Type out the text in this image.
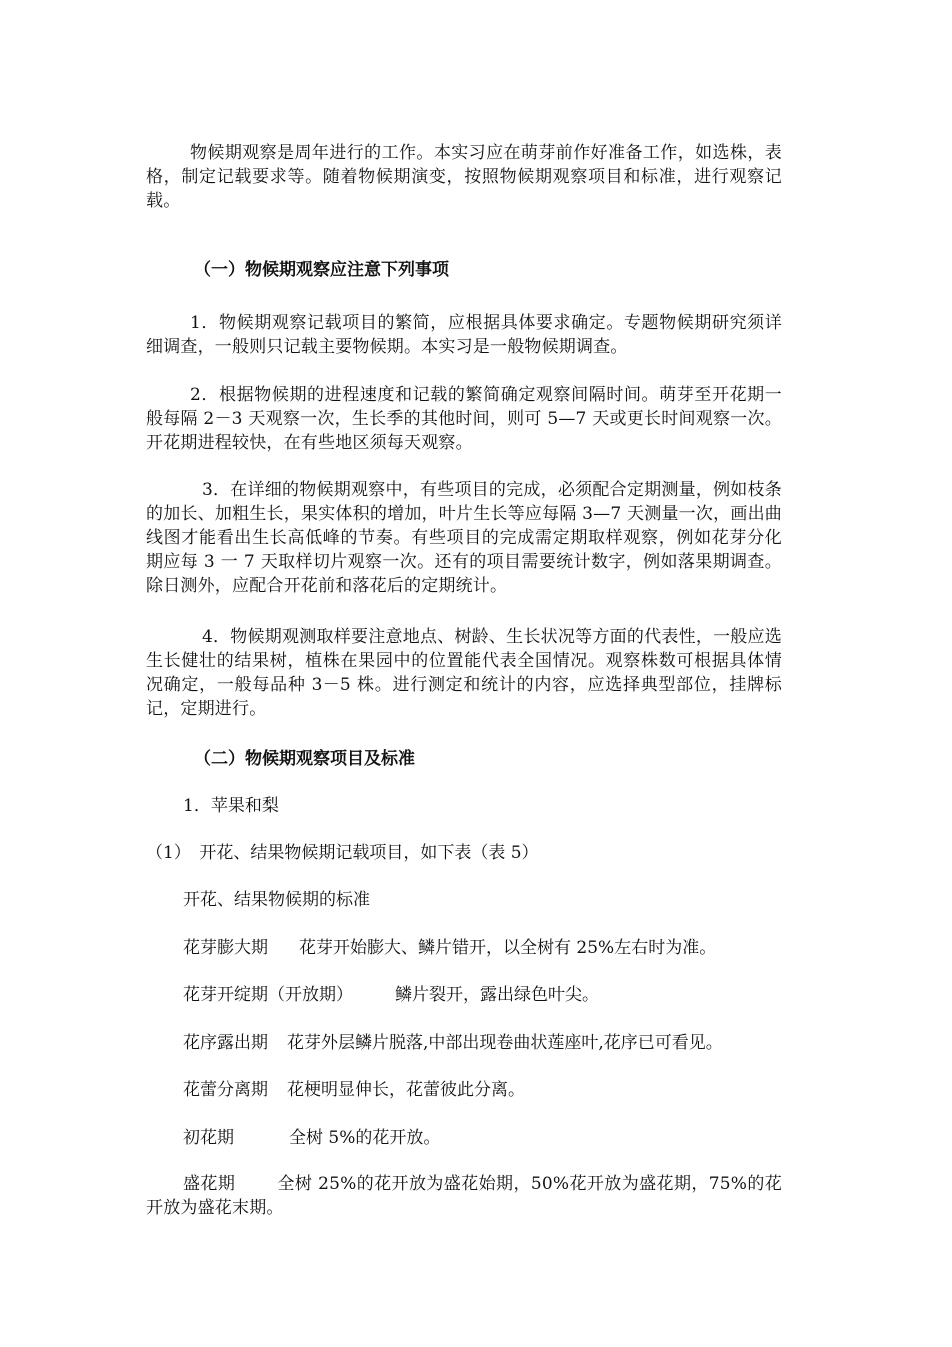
物候期观察是周年进行的工作。本实习应在萌芽前作好准备工作，如选株，表格，制定记载要求等。随着物候期演变，按照物候期观察项目和标准，进行观察记载。

（一）物候期观察应注意下列事项

1．物候期观察记载项目的繁简，应根据具体要求确定。专题物候期研究须详细调查，一般则只记载主要物候期。本实习是一般物候期调查。

2．根据物候期的进程速度和记载的繁简确定观察间隔时间。萌芽至开花期一般每隔 2－3 天观察一次，生长季的其他时间，则可 5—7 天或更长时间观察一次。开花期进程较快，在有些地区须每天观察。

3．在详细的物候期观察中，有些项目的完成，必须配合定期测量，例如枝条的加长、加粗生长，果实体积的增加，叶片生长等应每隔 3—7 天测量一次，画出曲线图才能看出生长高低峰的节奏。有些项目的完成需定期取样观察，例如花芽分化期应每 3 一 7 天取样切片观察一次。还有的项目需要统计数字，例如落果期调查。除日测外，应配合开花前和落花后的定期统计。

4．物候期观测取样要注意地点、树龄、生长状况等方面的代表性，一般应选生长健壮的结果树，植株在果园中的位置能代表全国情况。观察株数可根据具体情况确定，一般每品种 3－5 株。进行测定和统计的内容，应选择典型部位，挂牌标记，定期进行。

（二）物候期观察项目及标准
1．苹果和梨
（1）　开花、结果物候期记载项目，如下表（表 5）
开花、结果物候期的标准
花芽膨大期 花芽开始膨大、鳞片错开，以全树有 25%左右时为准。
花芽开绽期（开放期） 鳞片裂开，露出绿色叶尖。
花序露出期 花芽外层鳞片脱落,中部出现卷曲状莲座叶,花序已可看见。
花蕾分离期 花梗明显伸长，花蕾彼此分离。
初花期	全树 5%的花开放。

盛花期 全树 25%的花开放为盛花始期，50%花开放为盛花期，75%的花开放为盛花末期。
